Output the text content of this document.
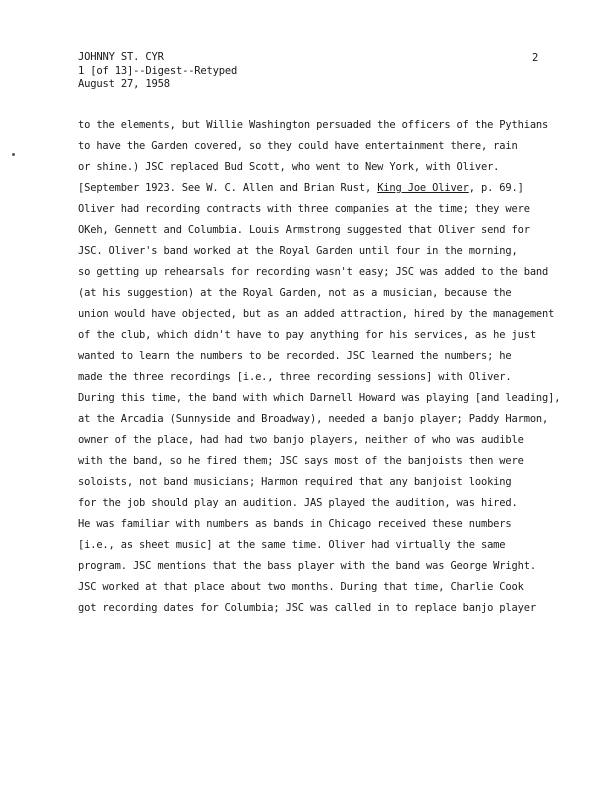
JOHNNY ST. CYR
1 [of 13]--Digest--Retyped
August 27, 1958
2
to the elements, but Willie Washington persuaded the officers of the Pythians
to have the Garden covered, so they could have entertainment there, rain
or shine.) JSC replaced Bud Scott, who went to New York, with Oliver.
[September 1923. See W. C. Allen and Brian Rust, King Joe Oliver, p. 69.]
Oliver had recording contracts with three companies at the time; they were
OKeh, Gennett and Columbia. Louis Armstrong suggested that Oliver send for
JSC. Oliver's band worked at the Royal Garden until four in the morning,
so getting up rehearsals for recording wasn't easy; JSC was added to the band
(at his suggestion) at the Royal Garden, not as a musician, because the
union would have objected, but as an added attraction, hired by the management
of the club, which didn't have to pay anything for his services, as he just
wanted to learn the numbers to be recorded. JSC learned the numbers; he
made the three recordings [i.e., three recording sessions] with Oliver.
During this time, the band with which Darnell Howard was playing [and leading],
at the Arcadia (Sunnyside and Broadway), needed a banjo player; Paddy Harmon,
owner of the place, had had two banjo players, neither of who was audible
with the band, so he fired them; JSC says most of the banjoists then were
soloists, not band musicians; Harmon required that any banjoist looking
for the job should play an audition. JAS played the audition, was hired.
He was familiar with numbers as bands in Chicago received these numbers
[i.e., as sheet music] at the same time. Oliver had virtually the same
program. JSC mentions that the bass player with the band was George Wright.
JSC worked at that place about two months. During that time, Charlie Cook
got recording dates for Columbia; JSC was called in to replace banjo player
